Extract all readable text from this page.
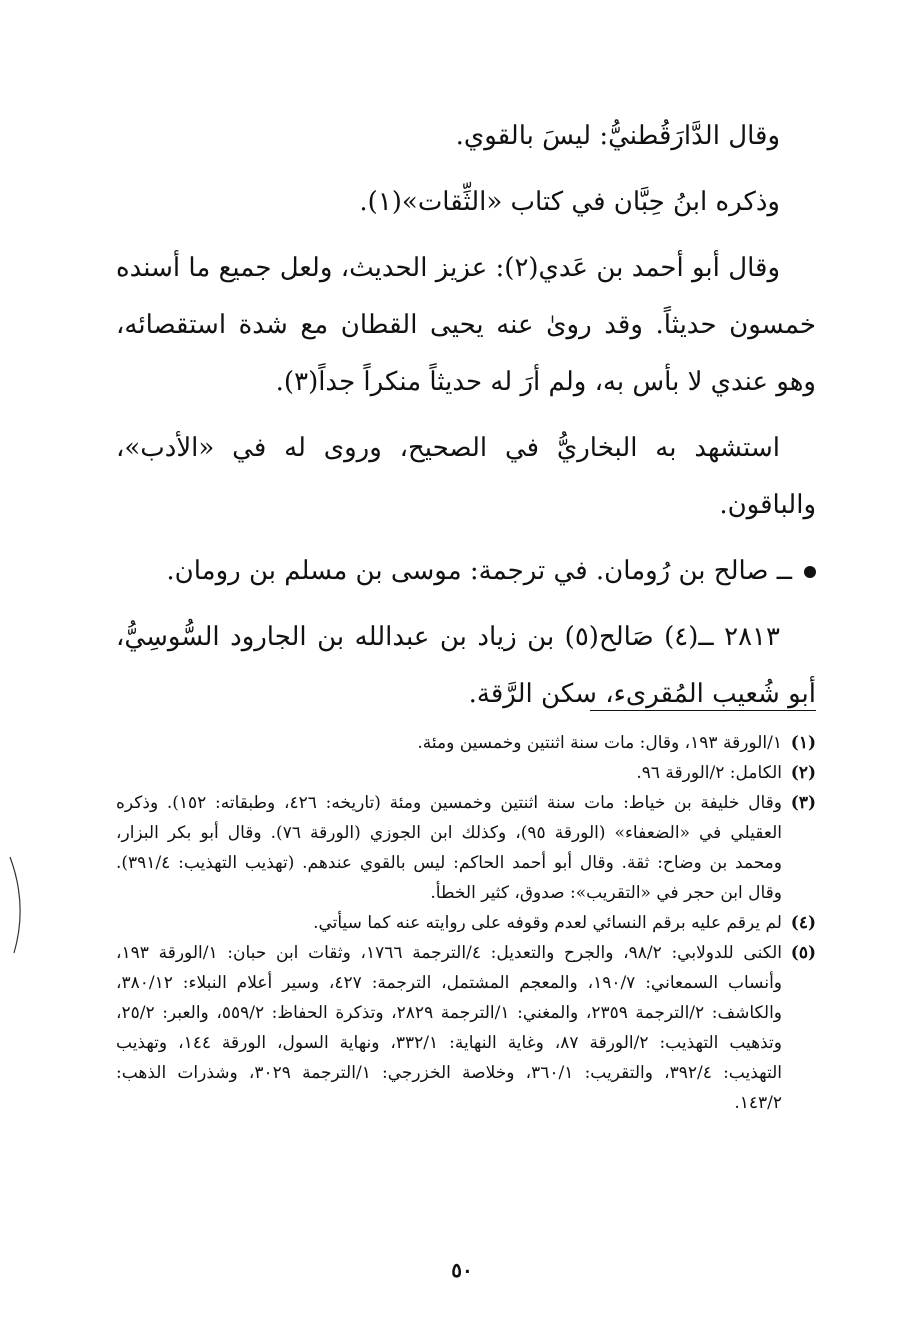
وقال الدَّارَقُطنيُّ: ليسَ بالقوي.

وذكره ابنُ حِبَّان في كتاب «الثِّقات»(١).

وقال أبو أحمد بن عَدي(٢): عزيز الحديث، ولعل جميع ما أسنده خمسون حديثاً. وقد روىٰ عنه يحيى القطان مع شدة استقصائه، وهو عندي لا بأس به، ولم أرَ له حديثاً منكراً جداً(٣).

استشهد به البخاريُّ في الصحيح، وروى له في «الأدب»، والباقون.

ــ صالح بن رُومان. في ترجمة: موسى بن مسلم بن رومان.

٢٨١٣ ــ(٤) صَالح(٥) بن زياد بن عبدالله بن الجارود السُّوسِيُّ، أبو شُعيب المُقرىء، سكن الرَّقة.

(١)
١/الورقة ١٩٣، وقال: مات سنة اثنتين وخمسين ومئة.
(٢)
الكامل: ٢/الورقة ٩٦.
(٣)
وقال خليفة بن خياط: مات سنة اثنتين وخمسين ومئة (تاريخه: ٤٢٦، وطبقاته: ١٥٢). وذكره العقيلي في «الضعفاء» (الورقة ٩٥)، وكذلك ابن الجوزي (الورقة ٧٦). وقال أبو بكر البزار، ومحمد بن وضاح: ثقة. وقال أبو أحمد الحاكم: ليس بالقوي عندهم. (تهذيب التهذيب: ٣٩١/٤). وقال ابن حجر في «التقريب»: صدوق، كثير الخطأ.
(٤)
لم يرقم عليه برقم النسائي لعدم وقوفه على روايته عنه كما سيأتي.
(٥)
الكنى للدولابي: ٩٨/٢، والجرح والتعديل: ٤/الترجمة ١٧٦٦، وثقات ابن حبان: ١/الورقة ١٩٣، وأنساب السمعاني: ١٩٠/٧، والمعجم المشتمل، الترجمة: ٤٢٧، وسير أعلام النبلاء: ٣٨٠/١٢، والكاشف: ٢/الترجمة ٢٣٥٩، والمغني: ١/الترجمة ٢٨٢٩، وتذكرة الحفاظ: ٥٥٩/٢، والعبر: ٢٥/٢، وتذهيب التهذيب: ٢/الورقة ٨٧، وغاية النهاية: ٣٣٢/١، ونهاية السول، الورقة ١٤٤، وتهذيب التهذيب: ٣٩٢/٤، والتقريب: ٣٦٠/١، وخلاصة الخزرجي: ١/الترجمة ٣٠٢٩، وشذرات الذهب: ١٤٣/٢.
٥٠
